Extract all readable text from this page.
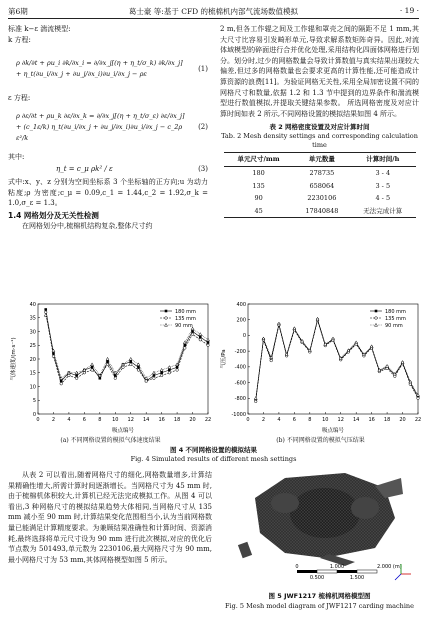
第6期	葛士豪 等:基于 CFD 的梳棉机内部气流场数值模拟	· 19 ·
标准 k−ε 湍流模型:
k 方程:
ρ ∂k/∂t + ρu_i ∂k/∂x_i = ∂/∂x_j[(η + η_t/σ_k) ∂k/∂x_j] + η_t(∂u_i/∂x_j + ∂u_j/∂x_i)∂u_i/∂x_j − ρε
(1)
ε 方程:
ρ ∂ε/∂t + ρu_k ∂ε/∂x_k = ∂/∂x_j[(η + η_t/σ_ε) ∂ε/∂x_j] + (c_1ε/k) η_t(∂u_i/∂x_j + ∂u_j/∂x_i)∂u_i/∂x_j − c_2ρ ε²/k
(2)
其中:
η_t = c_μ ρk² / ε	(3)
式中:x、y、z 分别为空间坐标系 3 个坐标轴的正方向;u 为动力粘度;ρ 为密度;c_μ = 0.09,c_1 = 1.44,c_2 = 1.92,σ_k = 1.0,σ_ε = 1.3。
1.4 网格划分及无关性检测

在网格划分中,梳棉机结构复杂,整体尺寸约

2 m,但各工作辊之间及工作辊和罩壳之间的隔距不足 1 mm,其大尺寸比容易引发畸形单元,导致求解系数矩阵奇异。因此,对流体域模型的碎面进行合并优化处理,采用结构化四面体网格进行划分。划分时,过少的网格数量会导致计算数值与真实结果出现较大偏差,但过多的网格数量也会要求更高的计算性能,还可能造成计算资源的浪费[11]。为验证网格无关性,采用全局加密设置不同的网格尺寸和数量,依据 1.2 和 1.3 节中提到的边界条件和湍流模型进行数值模拟,并提取关键结果参数。 所选网格密度及对应计算时间如表 2 所示,不同网格设置的模拟结果如图 4 所示。
表 2 网格密度设置及对应计算时间
Tab. 2 Mesh density settings and corresponding calculation time
单元尺寸/mm	单元数量	计算时间/h
180	278735	3 - 4
135	658064	3 - 5
90	2230106	4 - 5
45	17840848	无法完成计算
0 2 4 6 8 10 12 14 16 18 20 22
0
5
10
15
20
25
30
35
40
吸点编号
气体速度/(m·s⁻¹)
180 mm
135 mm
90 mm
0 2 4 6 8 10 12 14 16 18 20 22
-1000
-800
-600
-400
-200
0
200
400
吸点编号
气压/Pa
180 mm
135 mm
90 mm
(a) 不同网格设置的模拟气体速度结果	(b) 不同网格设置的模拟气压结果
图 4 不同网格设置的模拟结果
Fig. 4 Simulated results of different mesh settings

从表 2 可以看出,随着网格尺寸的细化,网格数量增多,计算结果精确性增大,所需计算时间逐渐增长。当网格尺寸为 45 mm 时,由于梳棉机体积较大,计算机已经无法完成模拟工作。从图 4 可以看出,3 种网格尺寸的模拟结果趋势大体相同,当网格尺寸从 135 mm 减小至 90 mm 时,计算结果变化范围相当小,认为当前网格数量已能满足计算精度要求。为兼顾结果准确性和计算时间、资源消耗,最终选择将单元尺寸设为 90 mm 进行此次模拟,对应的优化后节点数为 501493,单元数为 2230106,最大网格尺寸为 90 mm,最小网格尺寸为 53 mm,其体网格模型如图 5 所示。

0	1.000	2.000 (m)
0.500	1.500
图 5 JWF1217 梳棉机网格模型图
Fig. 5 Mesh model diagram of JWF1217 carding machine
